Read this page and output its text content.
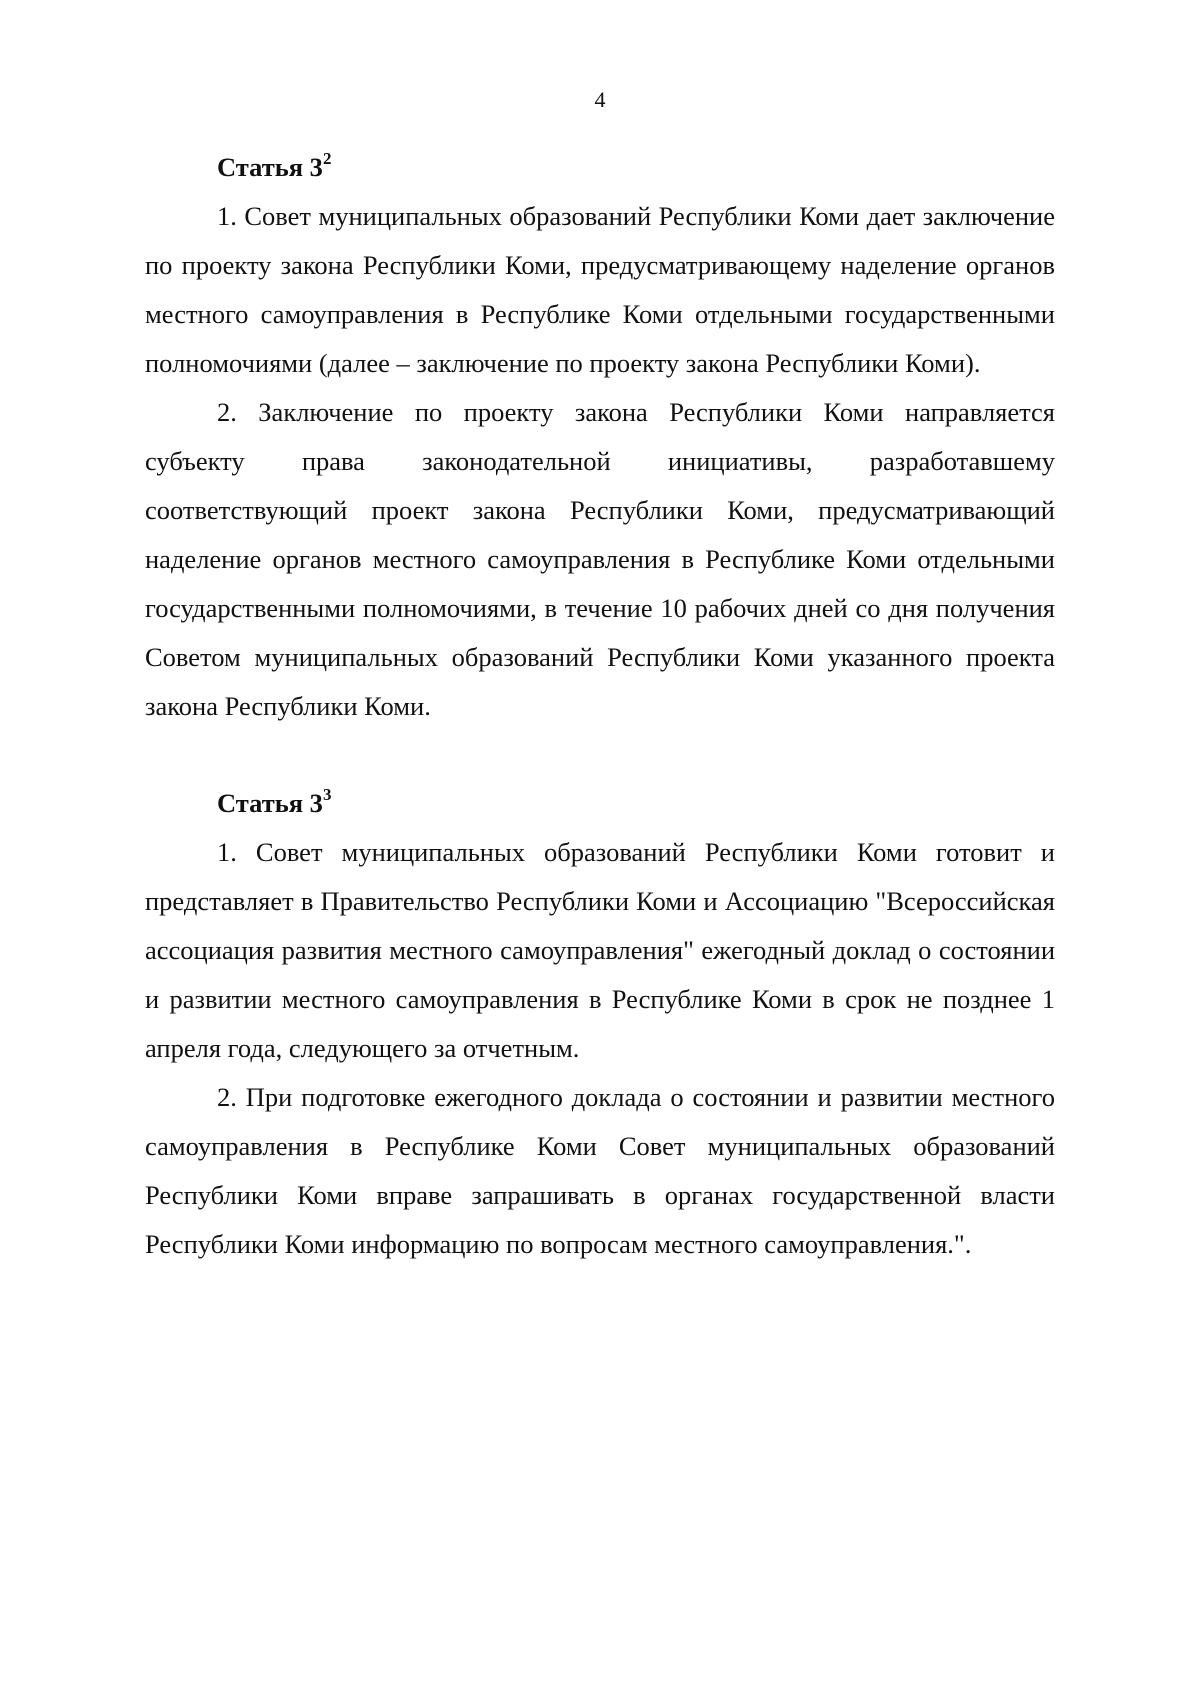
4

Статья $3^2$

1. Совет муниципальных образований Республики Коми дает заключение по проекту закона Республики Коми, предусматривающему наделение органов местного самоуправления в Республике Коми отдельными государственными полномочиями (далее – заключение по проекту закона Республики Коми).

2. Заключение по проекту закона Республики Коми направляется субъекту права законодательной инициативы, разработавшему соответствующий проект закона Республики Коми, предусматривающий наделение органов местного самоуправления в Республике Коми отдельными государственными полномочиями, в течение 10 рабочих дней со дня получения Советом муниципальных образований Республики Коми указанного проекта закона Республики Коми.

Статья $3^3$

1. Совет муниципальных образований Республики Коми готовит и представляет в Правительство Республики Коми и Ассоциацию "Всероссийская ассоциация развития местного самоуправления" ежегодный доклад о состоянии и развитии местного самоуправления в Республике Коми в срок не позднее 1 апреля года, следующего за отчетным.

2. При подготовке ежегодного доклада о состоянии и развитии местного самоуправления в Республике Коми Совет муниципальных образований Республики Коми вправе запрашивать в органах государственной власти Республики Коми информацию по вопросам местного самоуправления.".
